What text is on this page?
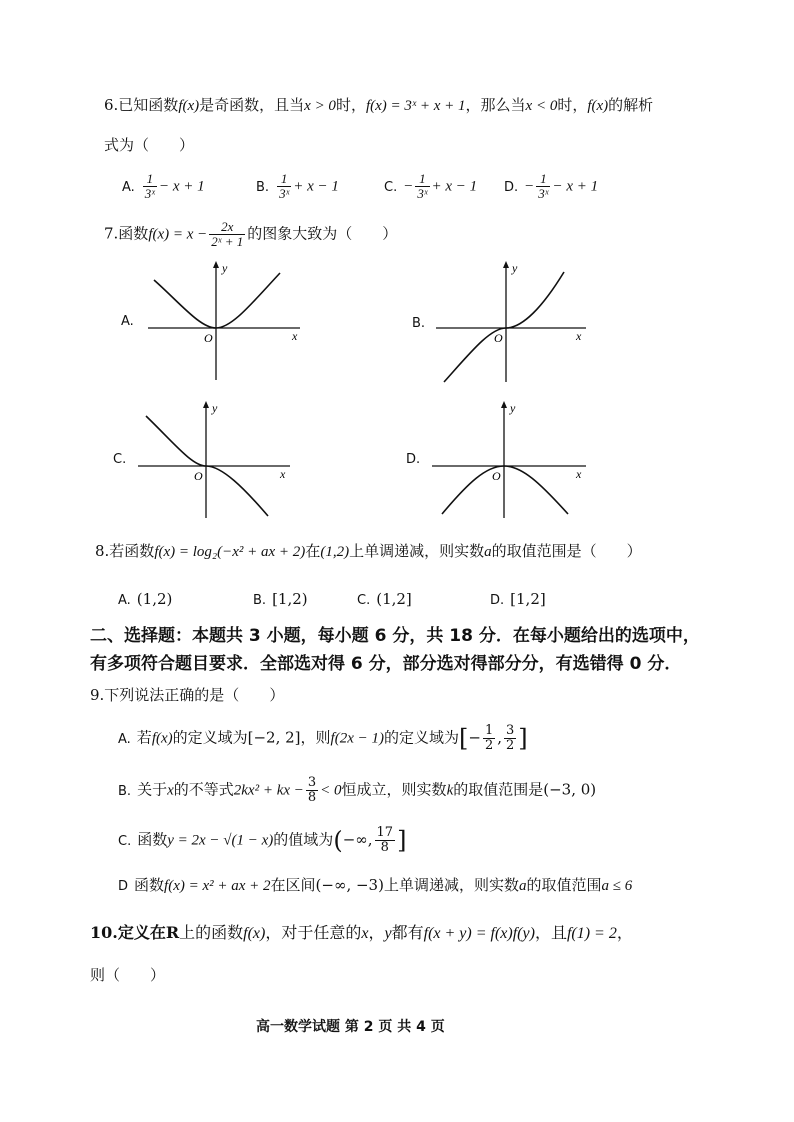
6.已知函数f(x)是奇函数，且当x > 0时，f(x) = 3ˣ + x + 1，那么当x < 0时，f(x)的解析
式为（　　）
A. $\frac{1}{\text{3ˣ}} - x + 1$	B. $\frac{1}{\text{3ˣ}} + x - 1$	C. − $\frac{1}{\text{3ˣ}} + x - 1$ D. − $\frac{1}{\text{3ˣ}} - x + 1$
7.函数$f(x) = x - \frac{2x}{\text{2ˣ + 1}}$ 的图象大致为（　　）
A.
y
x
O
B.
y
x
O
C.
y
x
O
D.
y
x
O
8.若函数f(x) = log₂(−x² + ax + 2)在(1,2)上单调递减，则实数a的取值范围是（　　）
A. (1,2)	B. [1,2)	C. (1,2]	D. [1,2]
二、选择题：本题共 3 小题，每小题 6 分，共 18 分．在每小题给出的选项中，
有多项符合题目要求．全部选对得 6 分，部分选对得部分分，有选错得 0 分．
9.下列说法正确的是（　　）
A. 若f(x)的定义域为[−2, 2]，则f(2x − 1)的定义域为[− $\frac{1}{2}$ , $\frac{3}{2}$ ]
B. 关于x的不等式2kx² + kx − $\frac{3}{8} < 0$恒成立，则实数k的取值范围是(−3, 0)
C. 函数y = 2x − √(1 − x)的值域为(−∞, $\frac{17}{8}$ ]
D 函数f(x) = x² + ax + 2在区间(−∞, −3)上单调递减，则实数a的取值范围a ≤ 6
10.定义在R上的函数f(x)，对于任意的x，y都有f(x + y) = f(x)f(y)，且f(1) = 2，
则（　　）
高一数学试题 第 2 页 共 4 页
